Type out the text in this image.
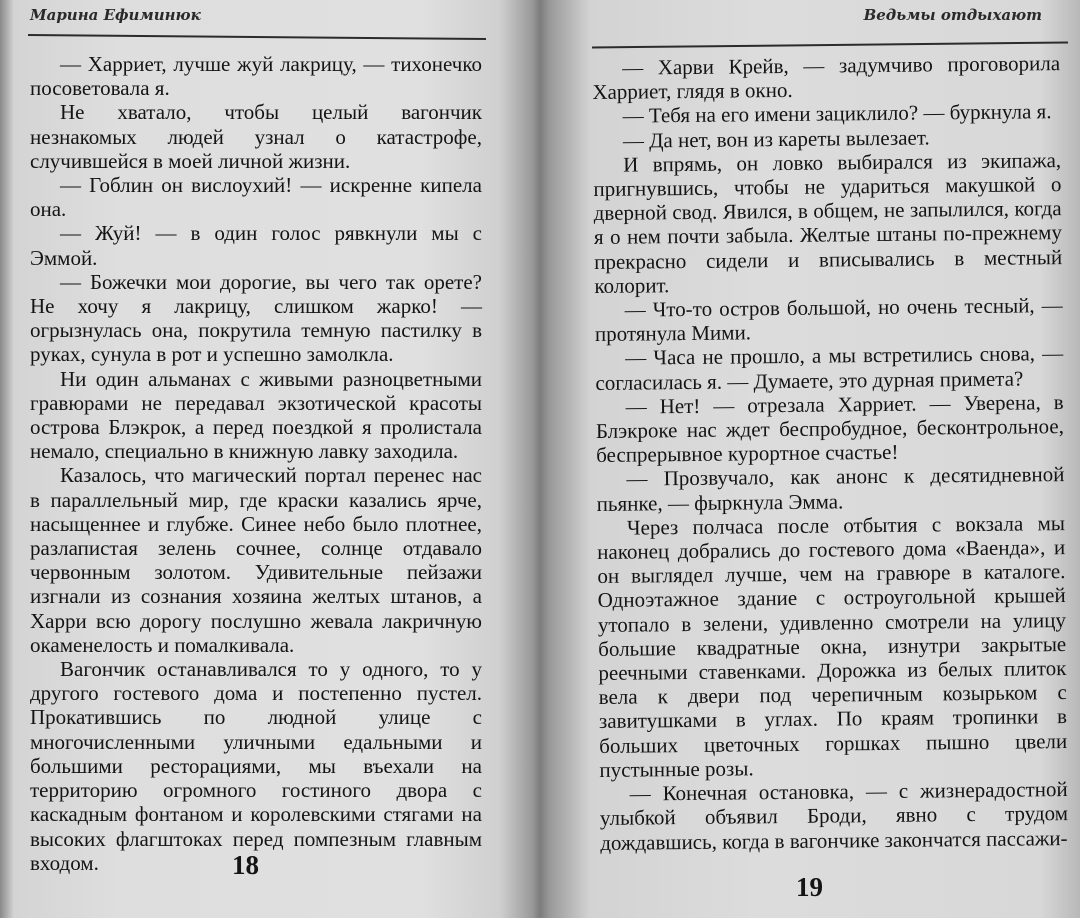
Марина Ефиминюк

— Харриет, лучше жуй лакрицу, — тихонечко посоветовала я.

Не хватало, чтобы целый вагончик незнакомых людей узнал о катастрофе, случившейся в моей личной жизни.

— Гоблин он вислоухий! — искренне кипела она.

— Жуй! — в один голос рявкнули мы с Эммой.

— Божечки мои дорогие, вы чего так орете? Не хочу я лакрицу, слишком жарко! — огрызнулась она, покрутила темную пастилку в руках, сунула в рот и успешно замолкла.

Ни один альманах с живыми разноцветными гравюрами не передавал экзотической красоты острова Блэкрок, а перед поездкой я пролистала немало, специально в книжную лавку заходила.

Казалось, что магический портал перенес нас в параллельный мир, где краски казались ярче, насыщеннее и глубже. Синее небо было плотнее, разлапистая зелень сочнее, солнце отдавало червонным золотом. Удивительные пейзажи изгнали из сознания хозяина желтых штанов, а Харри всю дорогу послушно жевала лакричную окаменелость и помалкивала.

Вагончик останавливался то у одного, то у другого гостевого дома и постепенно пустел. Прокатившись по людной улице с многочисленными уличными едальными и большими ресторациями, мы въехали на территорию огромного гостиного двора с каскадным фонтаном и королевскими стягами на высоких флагштоках перед помпезным главным входом.	18
Ведьмы отдыхают

— Харви Крейв, — задумчиво проговорила Харриет, глядя в окно.

— Тебя на его имени зациклило? — буркнула я.

— Да нет, вон из кареты вылезает.

И впрямь, он ловко выбирался из экипажа, пригнувшись, чтобы не удариться макушкой о дверной свод. Явился, в общем, не запылился, когда я о нем почти забыла. Желтые штаны по-прежнему прекрасно сидели и вписывались в местный колорит.

— Что-то остров большой, но очень тесный, — протянула Мими.

— Часа не прошло, а мы встретились снова, — согласилась я. — Думаете, это дурная примета?

— Нет! — отрезала Харриет. — Уверена, в Блэкроке нас ждет беспробудное, бесконтрольное, беспрерывное курортное счастье!

— Прозвучало, как анонс к десятидневной пьянке, — фыркнула Эмма.

Через полчаса после отбытия с вокзала мы наконец добрались до гостевого дома «Ваенда», и он выглядел лучше, чем на гравюре в каталоге. Одноэтажное здание с остроугольной крышей утопало в зелени, удивленно смотрели на улицу большие квадратные окна, изнутри закрытые реечными ставенками. Дорожка из белых плиток вела к двери под черепичным козырьком с завитушками в углах. По краям тропинки в больших цветочных горшках пышно цвели пустынные розы.

— Конечная остановка, — с жизнерадостной улыбкой объявил Броди, явно с трудом дождавшись, когда в вагончике закончатся пассажи-

19
